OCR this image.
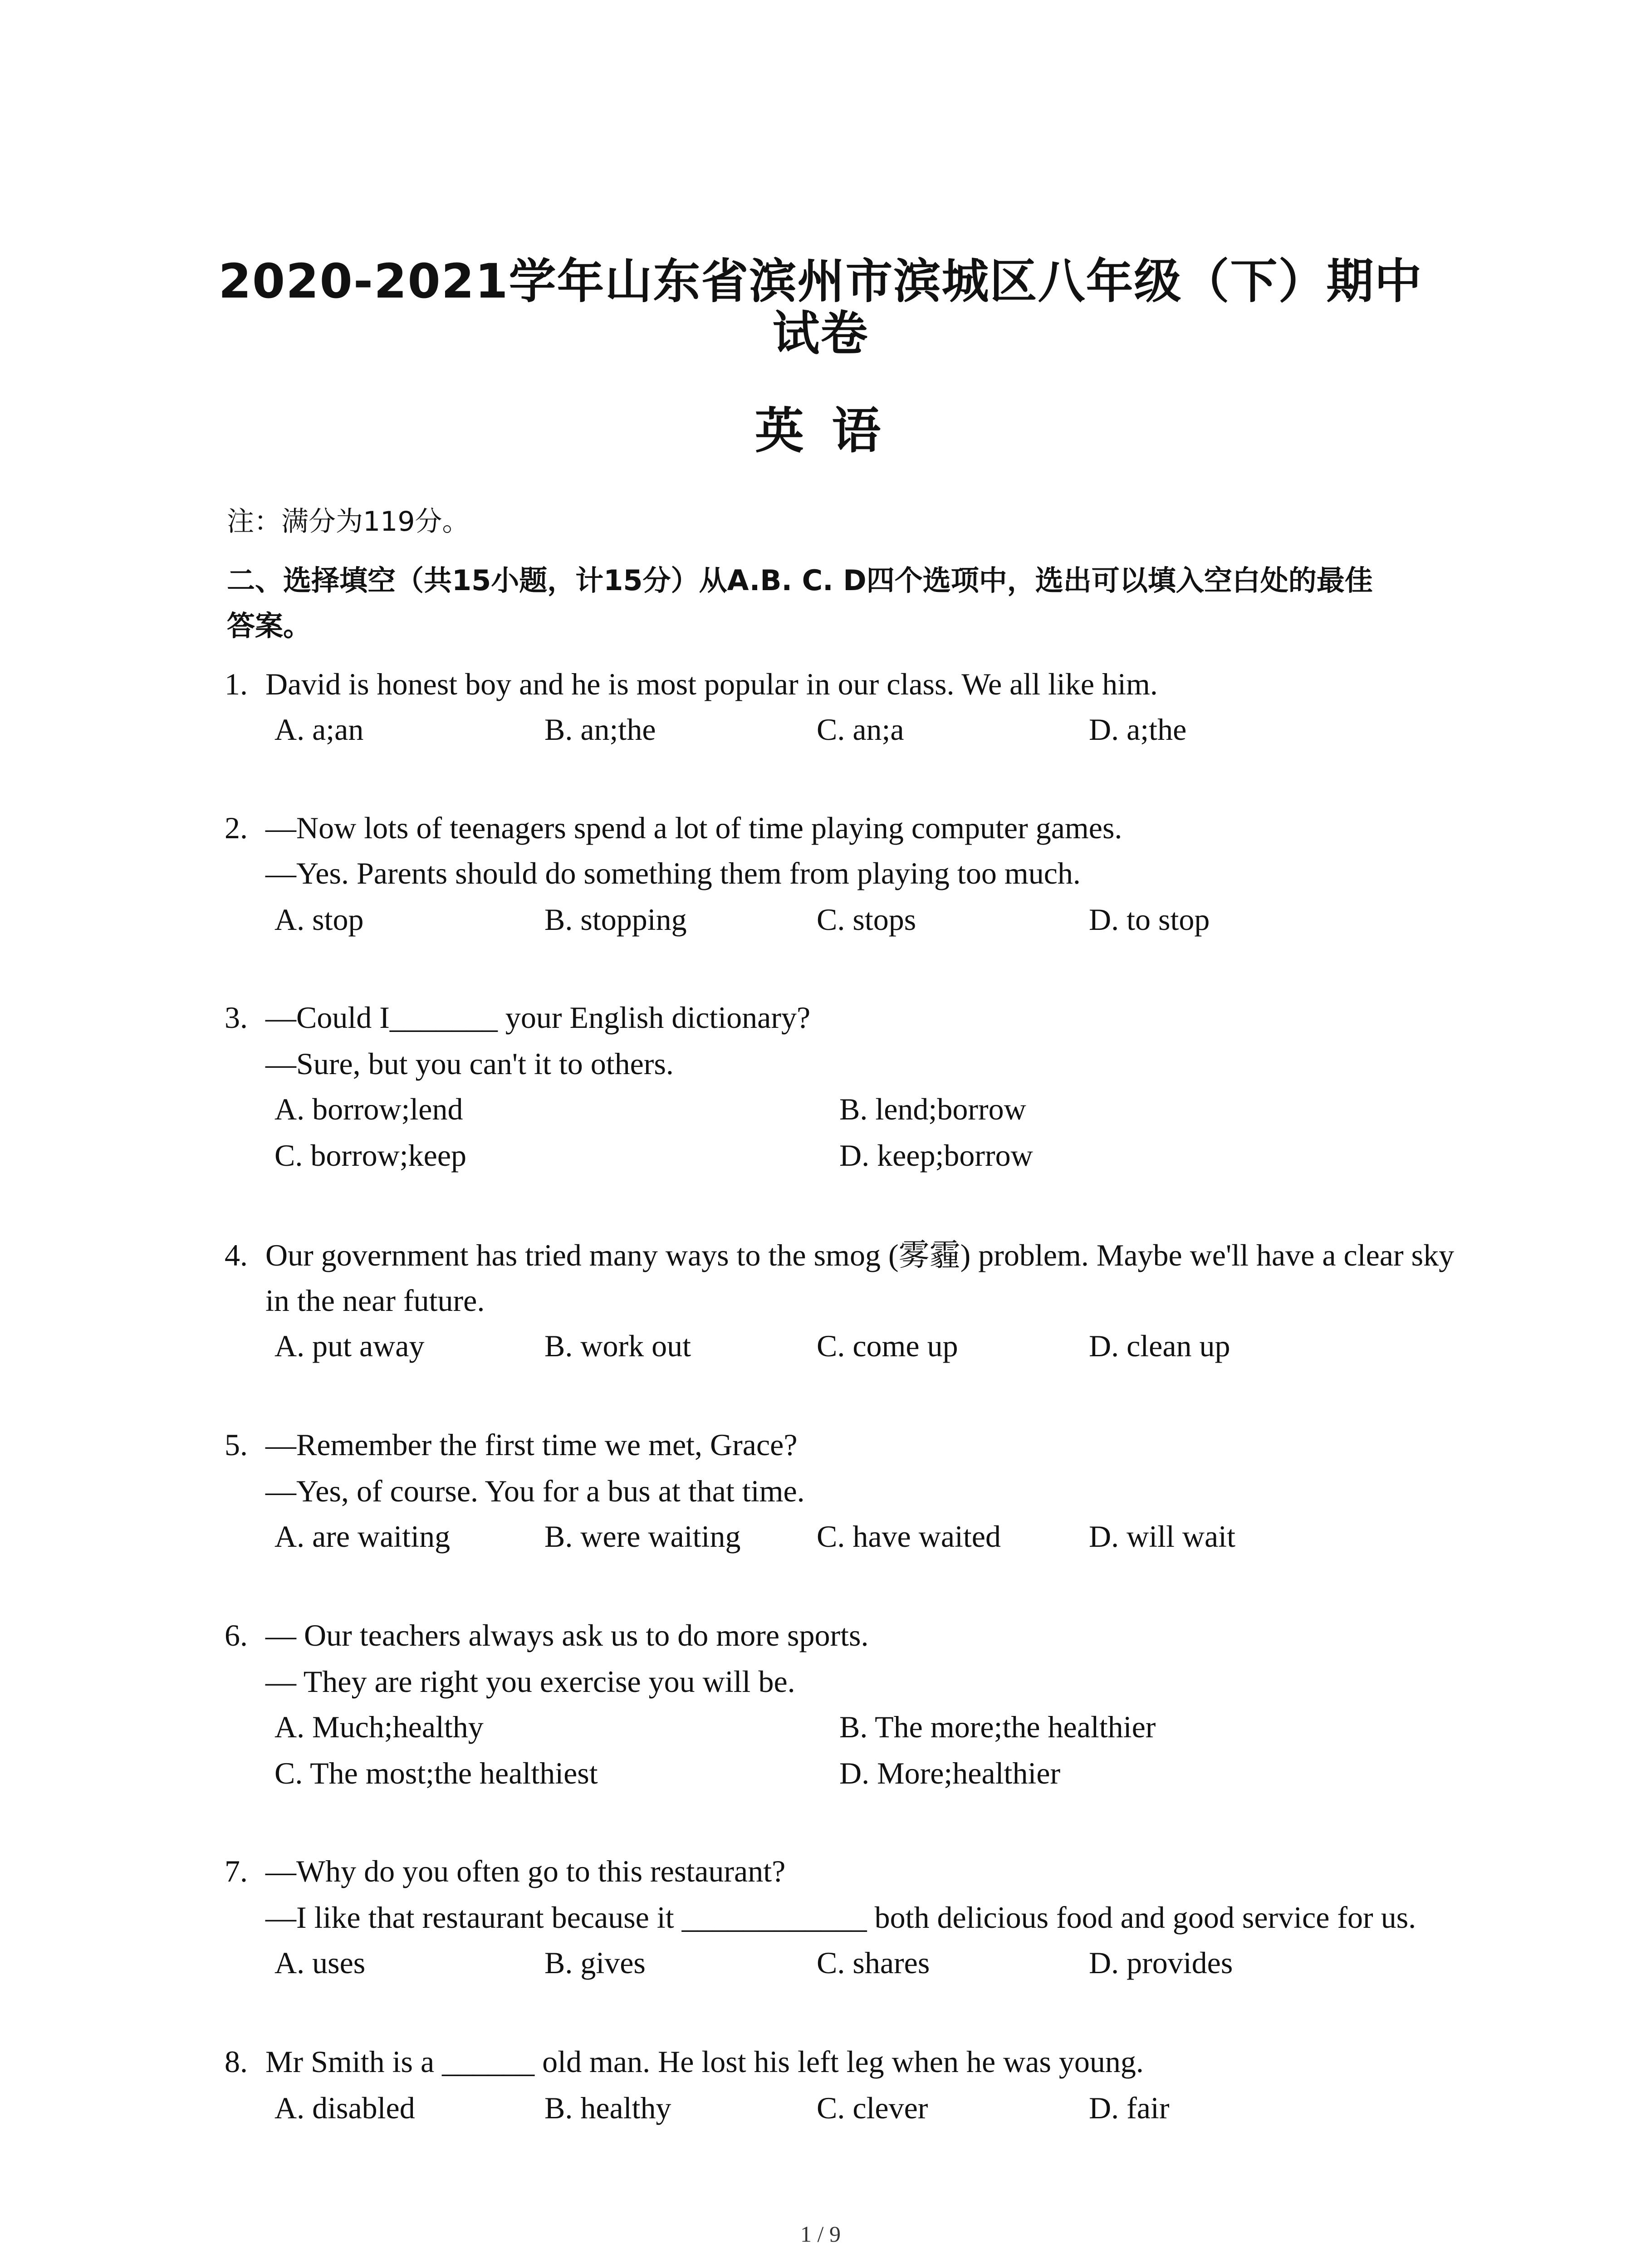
2020-2021学年山东省滨州市滨城区八年级（下）期中
试卷
英 语
注：满分为119分。
二、选择填空（共15小题，计15分）从A.B. C. D四个选项中，选出可以填入空白处的最佳
答案。
1. David is honest boy and he is most popular in our class. We all like him.
A. a;an	B. an;the	C. an;a	D. a;the
2. —Now lots of teenagers spend a lot of time playing computer games.
—Yes. Parents should do something them from playing too much.
A. stop	B. stopping	C. stops	D. to stop
3. —Could I_______ your English dictionary?
—Sure, but you can't it to others.
A. borrow;lend	B. lend;borrow
C. borrow;keep	D. keep;borrow
4. Our government has tried many ways to the smog (雾霾) problem. Maybe we'll have a clear sky
in the near future.
A. put away	B. work out	C. come up	D. clean up
5. —Remember the first time we met, Grace?
—Yes, of course. You for a bus at that time.
A. are waiting	B. were waiting C. have waited	D. will wait
6. — Our teachers always ask us to do more sports.
— They are right you exercise you will be.
A. Much;healthy	B. The more;the healthier
C. The most;the healthiest	D. More;healthier
7. —Why do you often go to this restaurant?
—I like that restaurant because it ____________ both delicious food and good service for us.
A. uses	B. gives	C. shares	D. provides
8. Mr Smith is a ______ old man. He lost his left leg when he was young.
A. disabled	B. healthy	C. clever	D. fair
1 / 9
